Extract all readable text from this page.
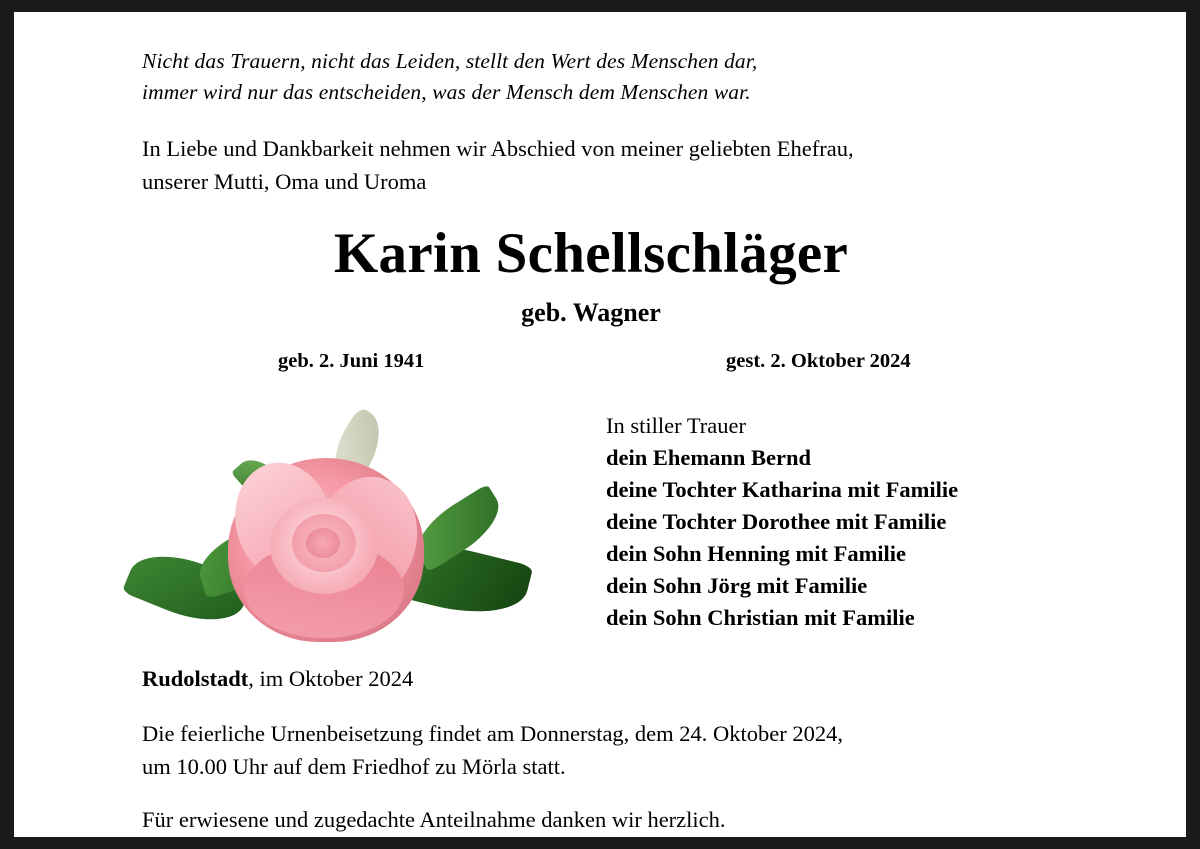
Nicht das Trauern, nicht das Leiden, stellt den Wert des Menschen dar,
immer wird nur das entscheiden, was der Mensch dem Menschen war.
In Liebe und Dankbarkeit nehmen wir Abschied von meiner geliebten Ehefrau,
unserer Mutti, Oma und Uroma
Karin Schellschläger
geb. Wagner
geb. 2. Juni 1941	gest. 2. Oktober 2024
In stiller Trauer
dein Ehemann Bernd
deine Tochter Katharina mit Familie
deine Tochter Dorothee mit Familie
dein Sohn Henning mit Familie
dein Sohn Jörg mit Familie
dein Sohn Christian mit Familie
Rudolstadt, im Oktober 2024
Die feierliche Urnenbeisetzung findet am Donnerstag, dem 24. Oktober 2024,
um 10.00 Uhr auf dem Friedhof zu Mörla statt.
Für erwiesene und zugedachte Anteilnahme danken wir herzlich.
